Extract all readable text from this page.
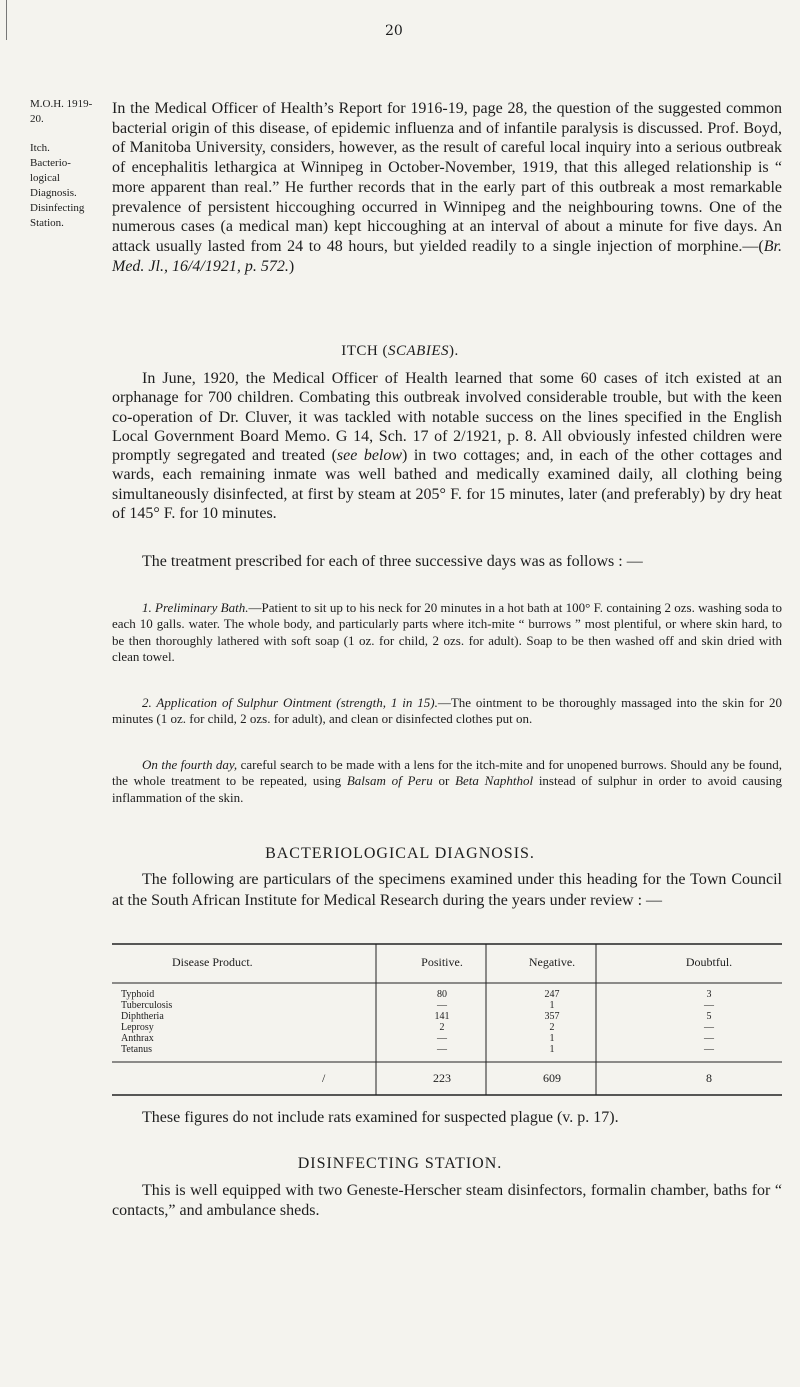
20
M.O.H. 1919-20.
Itch.
Bacterio-
logical
Diagnosis.
Disinfecting
Station.
In the Medical Officer of Health’s Report for 1916-19, page 28, the question of the suggested common bacterial origin of this disease, of epidemic influenza and of infantile paralysis is discussed. Prof. Boyd, of Manitoba University, considers, however, as the result of careful local inquiry into a serious outbreak of encephalitis lethargica at Winnipeg in October-November, 1919, that this alleged relationship is “ more apparent than real.” He further records that in the early part of this outbreak a most remarkable prevalence of persistent hiccoughing occurred in Winnipeg and the neighbouring towns. One of the numerous cases (a medical man) kept hiccoughing at an interval of about a minute for five days. An attack usually lasted from 24 to 48 hours, but yielded readily to a single injection of morphine.—(Br. Med. Jl., 16/4/1921, p. 572.)
ITCH (SCABIES).
In June, 1920, the Medical Officer of Health learned that some 60 cases of itch existed at an orphanage for 700 children. Combating this outbreak involved considerable trouble, but with the keen co-operation of Dr. Cluver, it was tackled with notable success on the lines specified in the English Local Government Board Memo. G 14, Sch. 17 of 2/1921, p. 8. All obviously infested children were promptly segregated and treated (see below) in two cottages; and, in each of the other cottages and wards, each remaining inmate was well bathed and medically examined daily, all clothing being simultaneously disinfected, at first by steam at 205° F. for 15 minutes, later (and preferably) by dry heat of 145° F. for 10 minutes.
The treatment prescribed for each of three successive days was as follows : —
1. Preliminary Bath.—Patient to sit up to his neck for 20 minutes in a hot bath at 100° F. containing 2 ozs. washing soda to each 10 galls. water. The whole body, and particularly parts where itch-mite “ burrows ” most plentiful, or where skin hard, to be then thoroughly lathered with soft soap (1 oz. for child, 2 ozs. for adult). Soap to be then washed off and skin dried with clean towel.
2. Application of Sulphur Ointment (strength, 1 in 15).—The ointment to be thoroughly massaged into the skin for 20 minutes (1 oz. for child, 2 ozs. for adult), and clean or disinfected clothes put on.
On the fourth day, careful search to be made with a lens for the itch-mite and for unopened burrows. Should any be found, the whole treatment to be repeated, using Balsam of Peru or Beta Naphthol instead of sulphur in order to avoid causing inflammation of the skin.
BACTERIOLOGICAL DIAGNOSIS.
The following are particulars of the specimens examined under this heading for the Town Council at the South African Institute for Medical Research during the years under review : —
Disease Product.	Positive.	Negative.	Doubtful.
Typhoid	80	247	3
Tuberculosis	—	1	—
Diphtheria	141	357	5
Leprosy	2	2	—
Anthrax	—	1	—
Tetanus	—	1	—
/	223	609	8
These figures do not include rats examined for suspected plague (v. p. 17).
DISINFECTING STATION.
This is well equipped with two Geneste-Herscher steam disinfectors, formalin chamber, baths for “ contacts,” and ambulance sheds.
